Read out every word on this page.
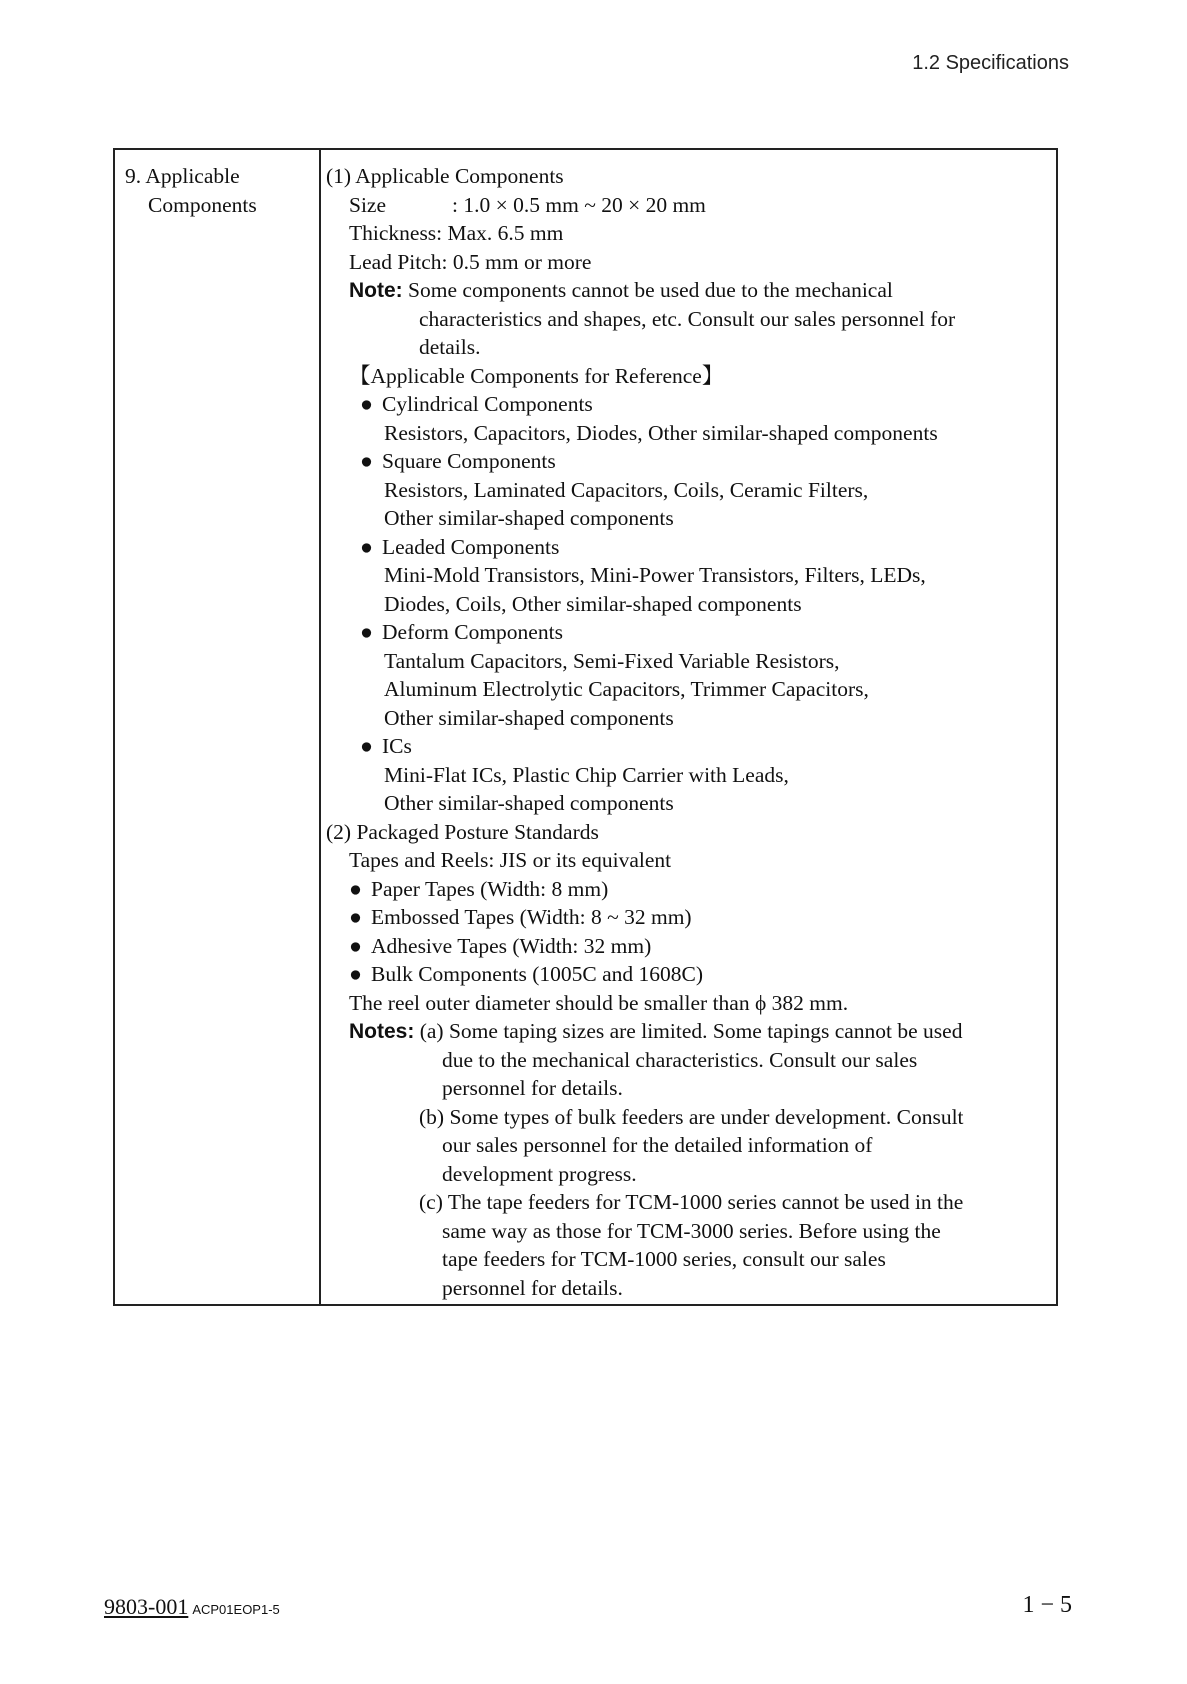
1.2 Specifications
9. Applicable
Components
(1) Applicable Components
Size	: 1.0 × 0.5 mm ~ 20 × 20 mm
Thickness: Max. 6.5 mm
Lead Pitch: 0.5 mm or more
Note: Some components cannot be used due to the mechanical
characteristics and shapes, etc. Consult our sales personnel for
details.
【Applicable Components for Reference】
● Cylindrical Components
Resistors, Capacitors, Diodes, Other similar-shaped components
● Square Components
Resistors, Laminated Capacitors, Coils, Ceramic Filters,
Other similar-shaped components
● Leaded Components
Mini-Mold Transistors, Mini-Power Transistors, Filters, LEDs,
Diodes, Coils, Other similar-shaped components
● Deform Components
Tantalum Capacitors, Semi-Fixed Variable Resistors,
Aluminum Electrolytic Capacitors, Trimmer Capacitors,
Other similar-shaped components
● ICs
Mini-Flat ICs, Plastic Chip Carrier with Leads,
Other similar-shaped components
(2) Packaged Posture Standards
Tapes and Reels: JIS or its equivalent
● Paper Tapes (Width: 8 mm)
● Embossed Tapes (Width: 8 ~ 32 mm)
● Adhesive Tapes (Width: 32 mm)
● Bulk Components (1005C and 1608C)
The reel outer diameter should be smaller than ϕ 382 mm.
Notes: (a) Some taping sizes are limited. Some tapings cannot be used
due to the mechanical characteristics. Consult our sales
personnel for details.
(b) Some types of bulk feeders are under development. Consult
our sales personnel for the detailed information of
development progress.
(c) The tape feeders for TCM-1000 series cannot be used in the
same way as those for TCM-3000 series. Before using the
tape feeders for TCM-1000 series, consult our sales
personnel for details.
9803-001 ACP01EOP1-5	1 − 5
